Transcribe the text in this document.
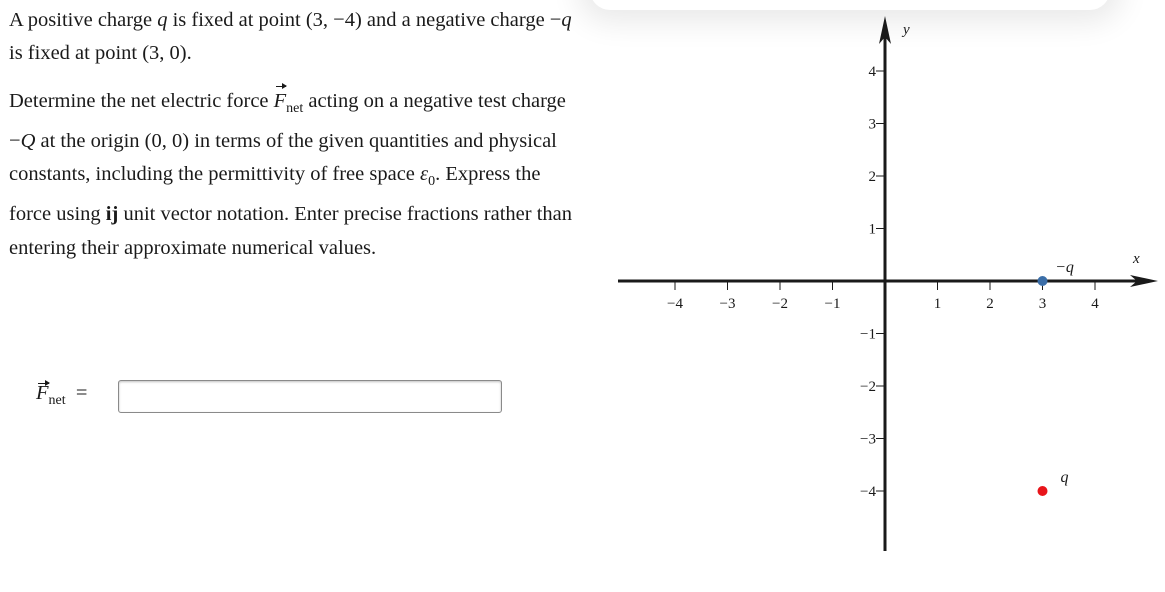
A positive charge q is fixed at point (3, −4) and a negative charge −q is fixed at point (3, 0).

Determine the net electric force $F_{net}$ acting on a negative test charge −Q at the origin (0, 0) in terms of the given quantities and physical constants, including the permittivity of free space $\varepsilon_0$. Express the force using ij unit vector notation. Enter precise fractions rather than entering their approximate numerical values.

$F_{net}$ =
−4 −3 −2 −1	1	2	3	4
4
3
2
1
−1
−2
−3
−4
x
y
−q
q
